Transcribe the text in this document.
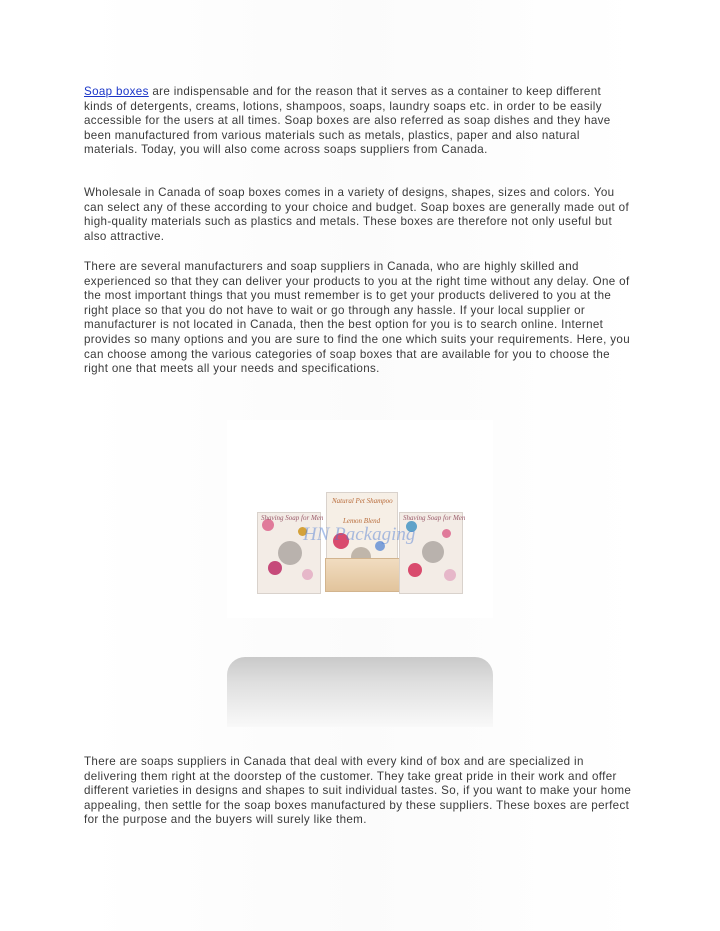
Soap boxes are indispensable and for the reason that it serves as a container to keep different kinds of detergents, creams, lotions, shampoos, soaps, laundry soaps etc. in order to be easily accessible for the users at all times. Soap boxes are also referred as soap dishes and they have been manufactured from various materials such as metals, plastics, paper and also natural materials. Today, you will also come across soaps suppliers from Canada.
Wholesale in Canada of soap boxes comes in a variety of designs, shapes, sizes and colors. You can select any of these according to your choice and budget. Soap boxes are generally made out of high-quality materials such as plastics and metals. These boxes are therefore not only useful but also attractive.
There are several manufacturers and soap suppliers in Canada, who are highly skilled and experienced so that they can deliver your products to you at the right time without any delay. One of the most important things that you must remember is to get your products delivered to you at the right place so that you do not have to wait or go through any hassle. If your local supplier or manufacturer is not located in Canada, then the best option for you is to search online. Internet provides so many options and you are sure to find the one which suits your requirements. Here, you can choose among the various categories of soap boxes that are available for you to choose the right one that meets all your needs and specifications.
Shaving Soap for Men
Natural Pet Shampoo
Lemon Blend	Shaving Soap for Men
HN Packaging
There are soaps suppliers in Canada that deal with every kind of box and are specialized in delivering them right at the doorstep of the customer. They take great pride in their work and offer different varieties in designs and shapes to suit individual tastes. So, if you want to make your home appealing, then settle for the soap boxes manufactured by these suppliers. These boxes are perfect for the purpose and the buyers will surely like them.
